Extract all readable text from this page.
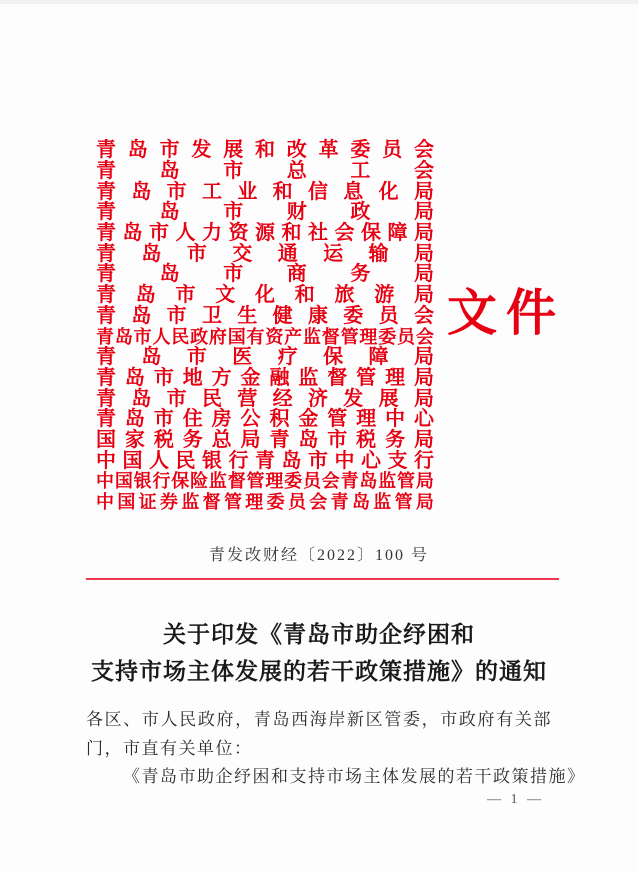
青 岛 市 发 展 和 改 革 委 员 会
青 岛 市 总 工 会
青 岛 市 工 业 和 信 息 化 局
青 岛 市 财 政 局
青 岛 市 人 力 资 源 和 社 会 保 障 局
青 岛 市 交 通 运 输 局
青 岛 市 商 务 局
青 岛 市 文 化 和 旅 游 局
青 岛 市 卫 生 健 康 委 员 会
青 岛 市 人 民 政 府 国 有 资 产 监 督 管 理 委 员 会
青 岛 市 医 疗 保 障 局
青 岛 市 地 方 金 融 监 督 管 理 局
青 岛 市 民 营 经 济 发 展 局
青 岛 市 住 房 公 积 金 管 理 中 心
国 家 税 务 总 局 青 岛 市 税 务 局
中 国 人 民 银 行 青 岛 市 中 心 支 行
中 国 银 行 保 险 监 督 管 理 委 员 会 青 岛 监 管 局
中 国 证 券 监 督 管 理 委 员 会 青 岛 监 管 局
文件
青发改财经〔2022〕100 号
关于印发《青岛市助企纾困和
支持市场主体发展的若干政策措施》的通知

各区、市人民政府，青岛西海岸新区管委，市政府有关部门，市直有关单位：

《青岛市助企纾困和支持市场主体发展的若干政策措施》

— 1 —
